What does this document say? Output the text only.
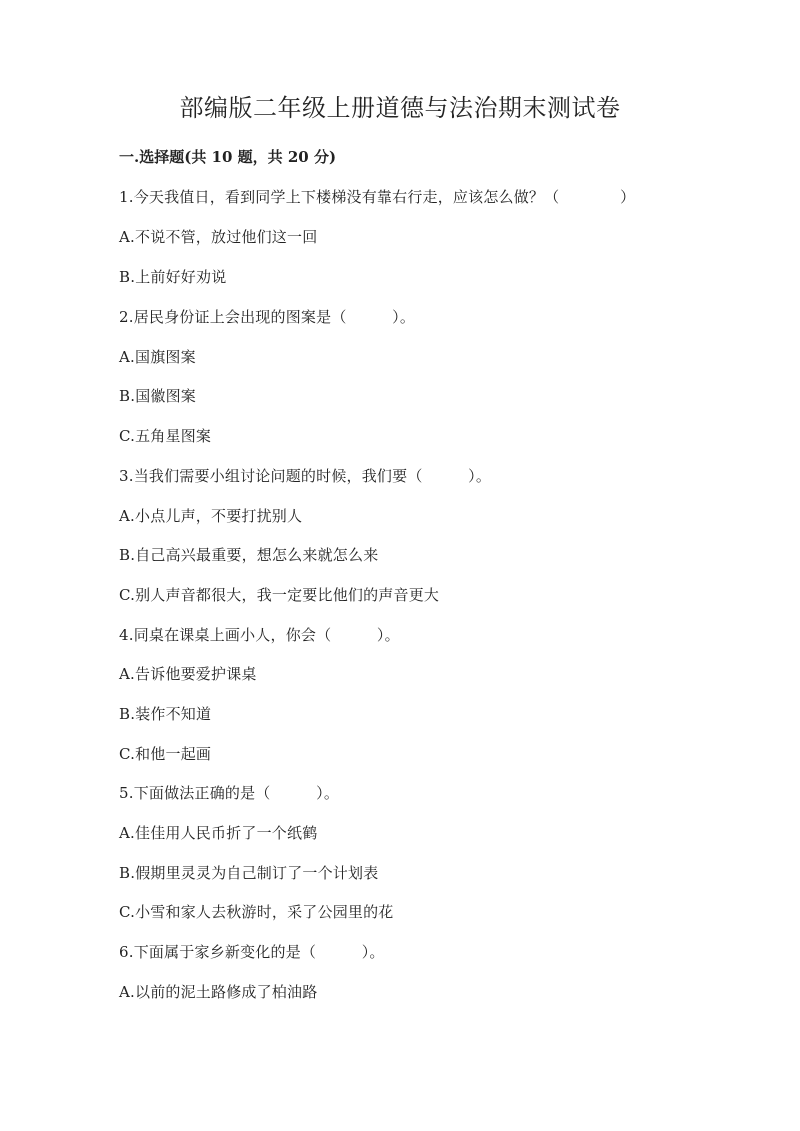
部编版二年级上册道德与法治期末测试卷
一.选择题(共 10 题，共 20 分)
1.今天我值日，看到同学上下楼梯没有靠右行走，应该怎么做？（　　　　）
A.不说不管，放过他们这一回
B.上前好好劝说
2.居民身份证上会出现的图案是（　　　）。
A.国旗图案
B.国徽图案
C.五角星图案
3.当我们需要小组讨论问题的时候，我们要（　　　）。
A.小点儿声，不要打扰别人
B.自己高兴最重要，想怎么来就怎么来
C.别人声音都很大，我一定要比他们的声音更大
4.同桌在课桌上画小人，你会（　　　）。
A.告诉他要爱护课桌
B.装作不知道
C.和他一起画
5.下面做法正确的是（　　　）。
A.佳佳用人民币折了一个纸鹤
B.假期里灵灵为自己制订了一个计划表
C.小雪和家人去秋游时，采了公园里的花
6.下面属于家乡新变化的是（　　　）。
A.以前的泥土路修成了柏油路
